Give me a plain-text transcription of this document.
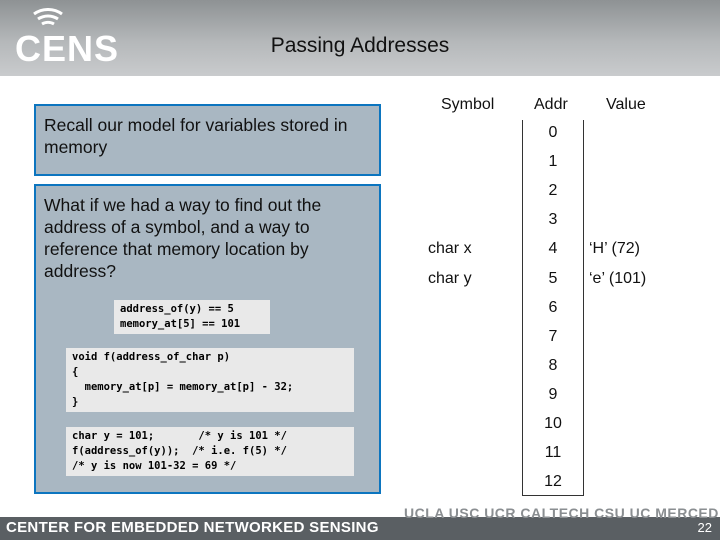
CENS	Passing Addresses
Recall our model for variables stored in memory
What if we had a way to find out the address of a symbol, and a way to reference that memory location by address?
address_of(y) == 5
memory_at[5] == 101
void f(address_of_char p)
{
memory_at[p] = memory_at[p] - 32;
}
char y = 101;       /* y is 101 */
f(address_of(y));  /* i.e. f(5) */
/* y is now 101-32 = 69 */
Symbol Addr Value
0
1
2
3
char x	4	‘H’ (72)
char y	5	‘e’ (101)
6
7
8
9
10
11
12
CENTER FOR EMBEDDED NETWORKED SENSING	22
UCLA USC UCR CALTECH CSU UC MERCED
